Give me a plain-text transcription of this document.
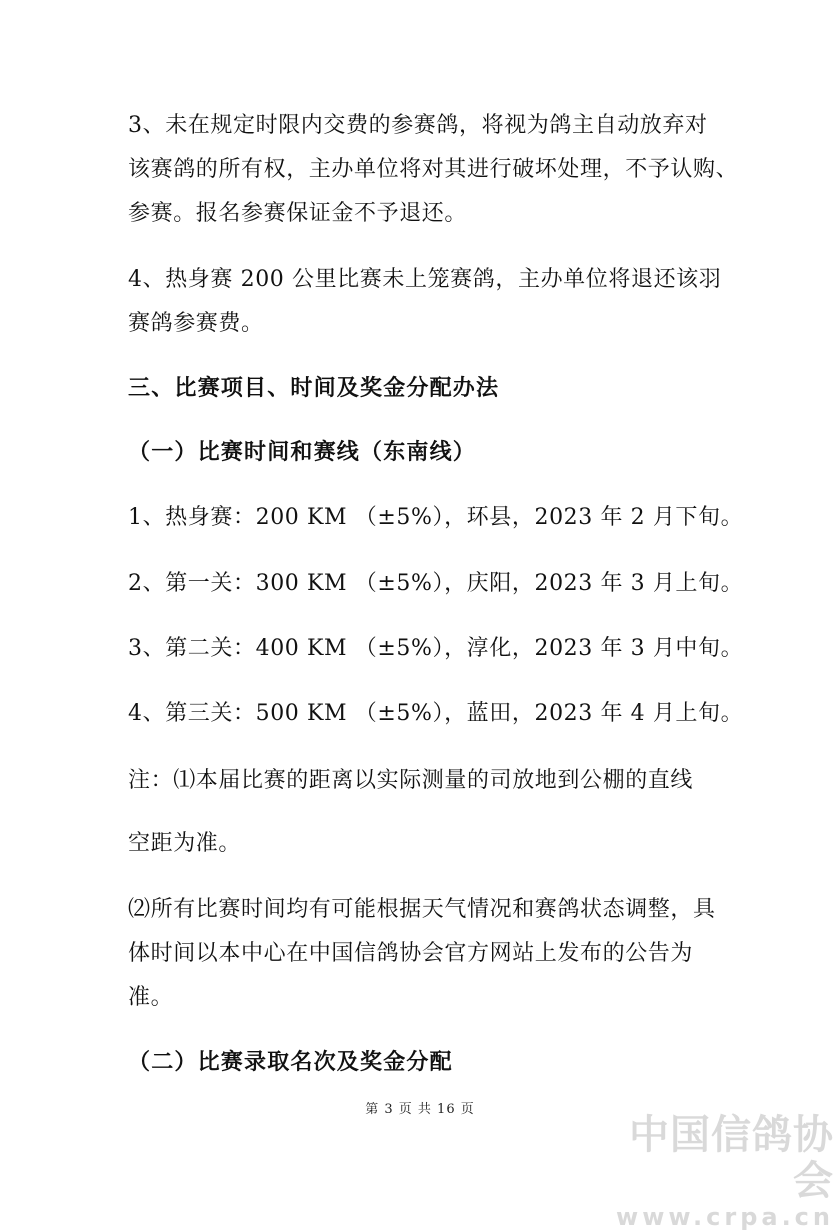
3、未在规定时限内交费的参赛鸽，将视为鸽主自动放弃对

该赛鸽的所有权，主办单位将对其进行破坏处理，不予认购、

参赛。报名参赛保证金不予退还。

4、热身赛 200 公里比赛未上笼赛鸽，主办单位将退还该羽

赛鸽参赛费。

三、比赛项目、时间及奖金分配办法

（一）比赛时间和赛线（东南线）

1、热身赛：200 KM （±5%），环县，2023 年 2 月下旬。

2、第一关：300 KM （±5%），庆阳，2023 年 3 月上旬。

3、第二关：400 KM （±5%），淳化，2023 年 3 月中旬。

4、第三关：500 KM （±5%），蓝田，2023 年 4 月上旬。

注：⑴本届比赛的距离以实际测量的司放地到公棚的直线

空距为准。

⑵所有比赛时间均有可能根据天气情况和赛鸽状态调整，具

体时间以本中心在中国信鸽协会官方网站上发布的公告为

准。

（二）比赛录取名次及奖金分配

第 3 页 共 16 页
中国信鸽协会
www.crpa.cn
